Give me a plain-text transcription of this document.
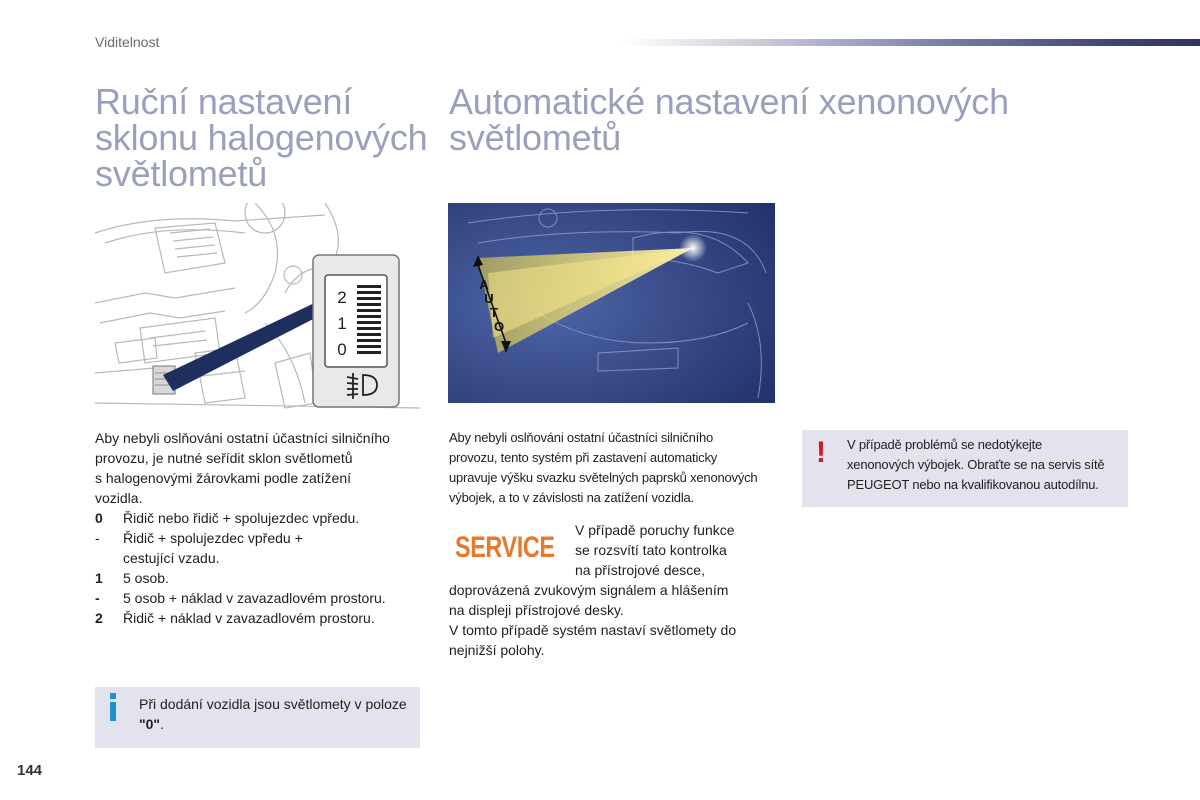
Viditelnost
Ruční nastavení
sklonu halogenových
světlometů
Automatické nastavení xenonových
světlometů
2
1
0
A
U
T
O
Aby nebyli oslňováni ostatní účastníci silničního
provozu, je nutné seřídit sklon světlometů
s halogenovými žárovkami podle zatížení
vozidla.
0	Řidič nebo řidič + spolujezdec vpředu.
-	Řidič + spolujezdec vpředu + cestující vzadu.
1	5 osob.
-	5 osob + náklad v zavazadlovém prostoru.
2	Řidič + náklad v zavazadlovém prostoru.
Při dodání vozidla jsou světlomety v poloze "0".
Aby nebyli oslňováni ostatní účastníci silničního
provozu, tento systém při zastavení automaticky
upravuje výšku svazku světelných paprsků xenonových
výbojek, a to v závislosti na zatížení vozidla.
SERVICE
V případě poruchy funkce
se rozsvítí tato kontrolka
na přístrojové desce,
doprovázená zvukovým signálem a hlášením
na displeji přístrojové desky.
V tomto případě systém nastaví světlomety do
nejnižší polohy.
! V případě problémů se nedotýkejte
xenonových výbojek. Obraťte se na servis sítě
PEUGEOT nebo na kvalifikovanou autodílnu.
144
